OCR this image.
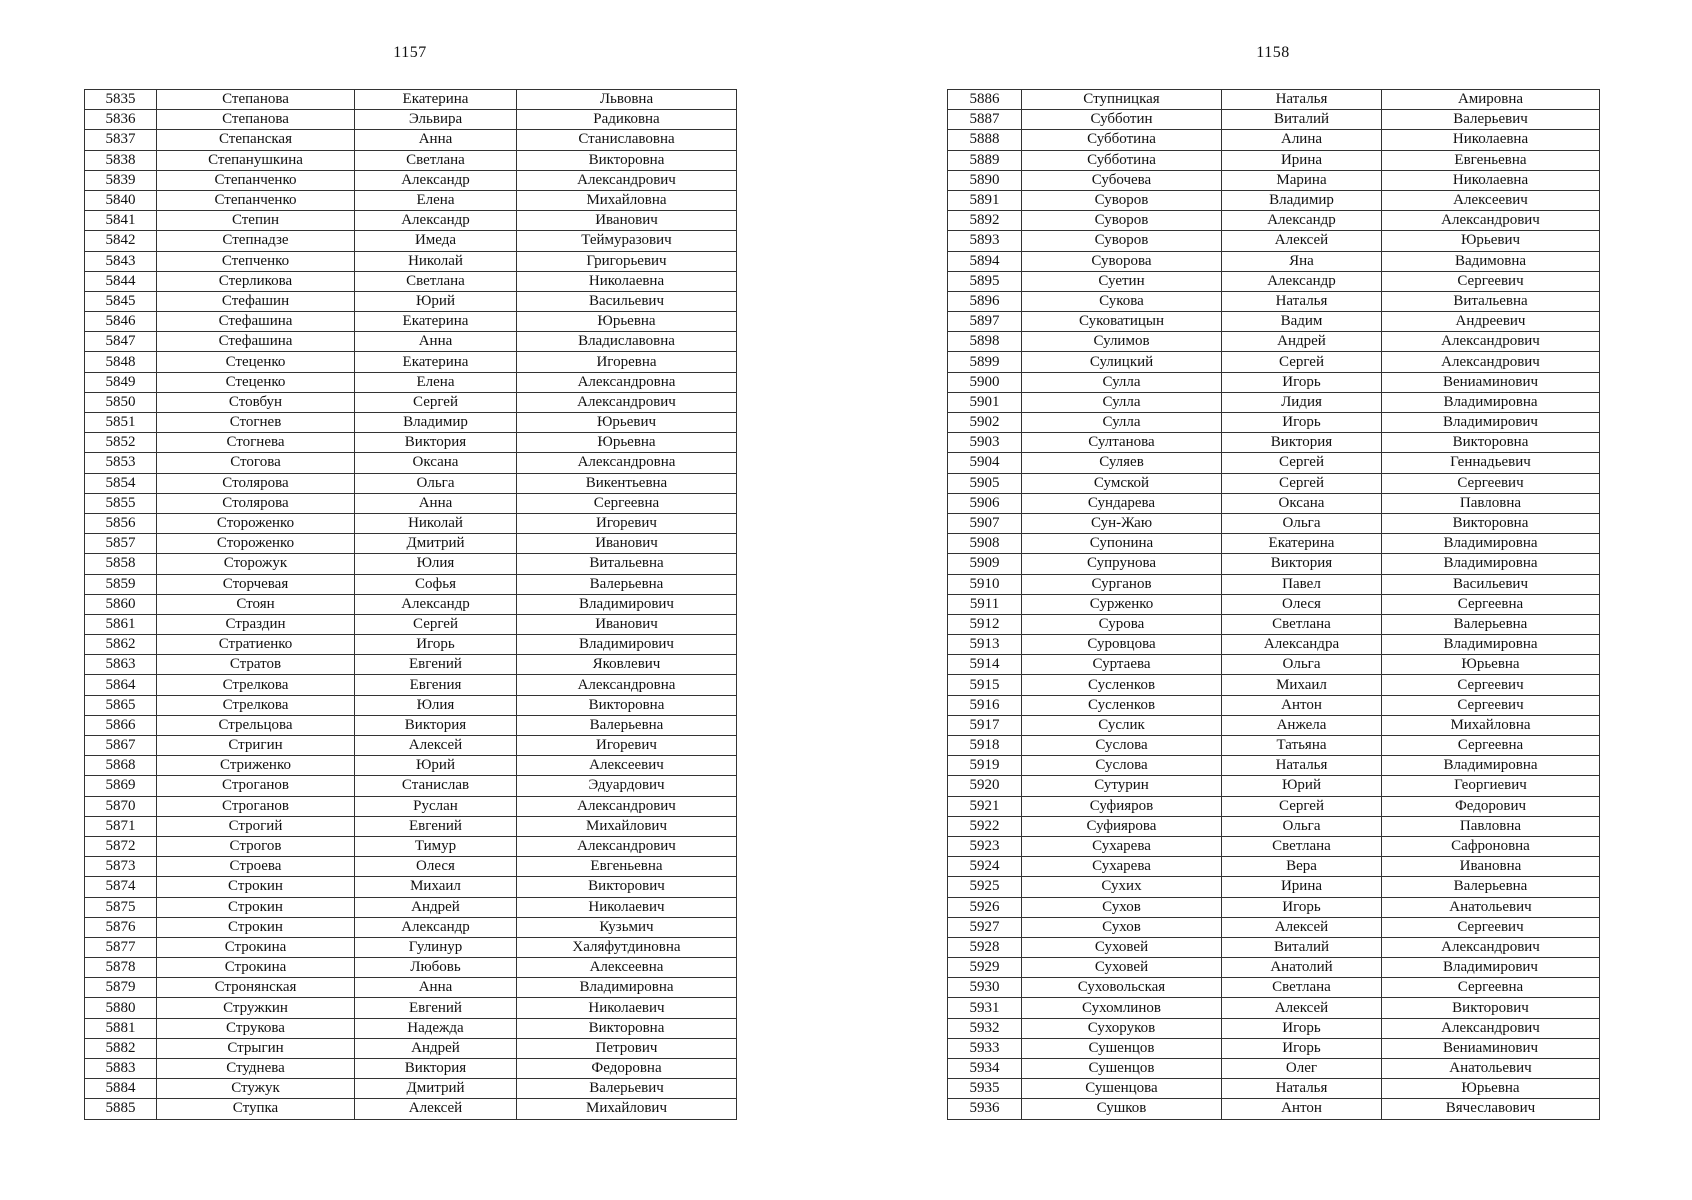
1157
5835	Степанова	Екатерина	Львовна
5836	Степанова	Эльвира	Радиковна
5837	Степанская	Анна	Станиславовна
5838	Степанушкина	Светлана	Викторовна
5839	Степанченко	Александр	Александрович
5840	Степанченко	Елена	Михайловна
5841	Степин	Александр	Иванович
5842	Степнадзе	Имеда	Теймуразович
5843	Степченко	Николай	Григорьевич
5844	Стерликова	Светлана	Николаевна
5845	Стефашин	Юрий	Васильевич
5846	Стефашина	Екатерина	Юрьевна
5847	Стефашина	Анна	Владиславовна
5848	Стеценко	Екатерина	Игоревна
5849	Стеценко	Елена	Александровна
5850	Стовбун	Сергей	Александрович
5851	Стогнев	Владимир	Юрьевич
5852	Стогнева	Виктория	Юрьевна
5853	Стогова	Оксана	Александровна
5854	Столярова	Ольга	Викентьевна
5855	Столярова	Анна	Сергеевна
5856	Стороженко	Николай	Игоревич
5857	Стороженко	Дмитрий	Иванович
5858	Сторожук	Юлия	Витальевна
5859	Сторчевая	Софья	Валерьевна
5860	Стоян	Александр	Владимирович
5861	Страздин	Сергей	Иванович
5862	Стратиенко	Игорь	Владимирович
5863	Стратов	Евгений	Яковлевич
5864	Стрелкова	Евгения	Александровна
5865	Стрелкова	Юлия	Викторовна
5866	Стрельцова	Виктория	Валерьевна
5867	Стригин	Алексей	Игоревич
5868	Стриженко	Юрий	Алексеевич
5869	Строганов	Станислав	Эдуардович
5870	Строганов	Руслан	Александрович
5871	Строгий	Евгений	Михайлович
5872	Строгов	Тимур	Александрович
5873	Строева	Олеся	Евгеньевна
5874	Строкин	Михаил	Викторович
5875	Строкин	Андрей	Николаевич
5876	Строкин	Александр	Кузьмич
5877	Строкина	Гулинур	Халяфутдиновна
5878	Строкина	Любовь	Алексеевна
5879	Стронянская	Анна	Владимировна
5880	Стружкин	Евгений	Николаевич
5881	Струкова	Надежда	Викторовна
5882	Стрыгин	Андрей	Петрович
5883	Студнева	Виктория	Федоровна
5884	Стужук	Дмитрий	Валерьевич
5885	Ступка	Алексей	Михайлович
1158
5886	Ступницкая	Наталья	Амировна
5887	Субботин	Виталий	Валерьевич
5888	Субботина	Алина	Николаевна
5889	Субботина	Ирина	Евгеньевна
5890	Субочева	Марина	Николаевна
5891	Суворов	Владимир	Алексеевич
5892	Суворов	Александр	Александрович
5893	Суворов	Алексей	Юрьевич
5894	Суворова	Яна	Вадимовна
5895	Суетин	Александр	Сергеевич
5896	Сукова	Наталья	Витальевна
5897	Суковатицын	Вадим	Андреевич
5898	Сулимов	Андрей	Александрович
5899	Сулицкий	Сергей	Александрович
5900	Сулла	Игорь	Вениаминович
5901	Сулла	Лидия	Владимировна
5902	Сулла	Игорь	Владимирович
5903	Султанова	Виктория	Викторовна
5904	Суляев	Сергей	Геннадьевич
5905	Сумской	Сергей	Сергеевич
5906	Сундарева	Оксана	Павловна
5907	Сун-Жаю	Ольга	Викторовна
5908	Супонина	Екатерина	Владимировна
5909	Супрунова	Виктория	Владимировна
5910	Сурганов	Павел	Васильевич
5911	Сурженко	Олеся	Сергеевна
5912	Сурова	Светлана	Валерьевна
5913	Суровцова	Александра	Владимировна
5914	Суртаева	Ольга	Юрьевна
5915	Сусленков	Михаил	Сергеевич
5916	Сусленков	Антон	Сергеевич
5917	Суслик	Анжела	Михайловна
5918	Суслова	Татьяна	Сергеевна
5919	Суслова	Наталья	Владимировна
5920	Сутурин	Юрий	Георгиевич
5921	Суфияров	Сергей	Федорович
5922	Суфиярова	Ольга	Павловна
5923	Сухарева	Светлана	Сафроновна
5924	Сухарева	Вера	Ивановна
5925	Сухих	Ирина	Валерьевна
5926	Сухов	Игорь	Анатольевич
5927	Сухов	Алексей	Сергеевич
5928	Суховей	Виталий	Александрович
5929	Суховей	Анатолий	Владимирович
5930	Суховольская	Светлана	Сергеевна
5931	Сухомлинов	Алексей	Викторович
5932	Сухоруков	Игорь	Александрович
5933	Сушенцов	Игорь	Вениаминович
5934	Сушенцов	Олег	Анатольевич
5935	Сушенцова	Наталья	Юрьевна
5936	Сушков	Антон	Вячеславович
